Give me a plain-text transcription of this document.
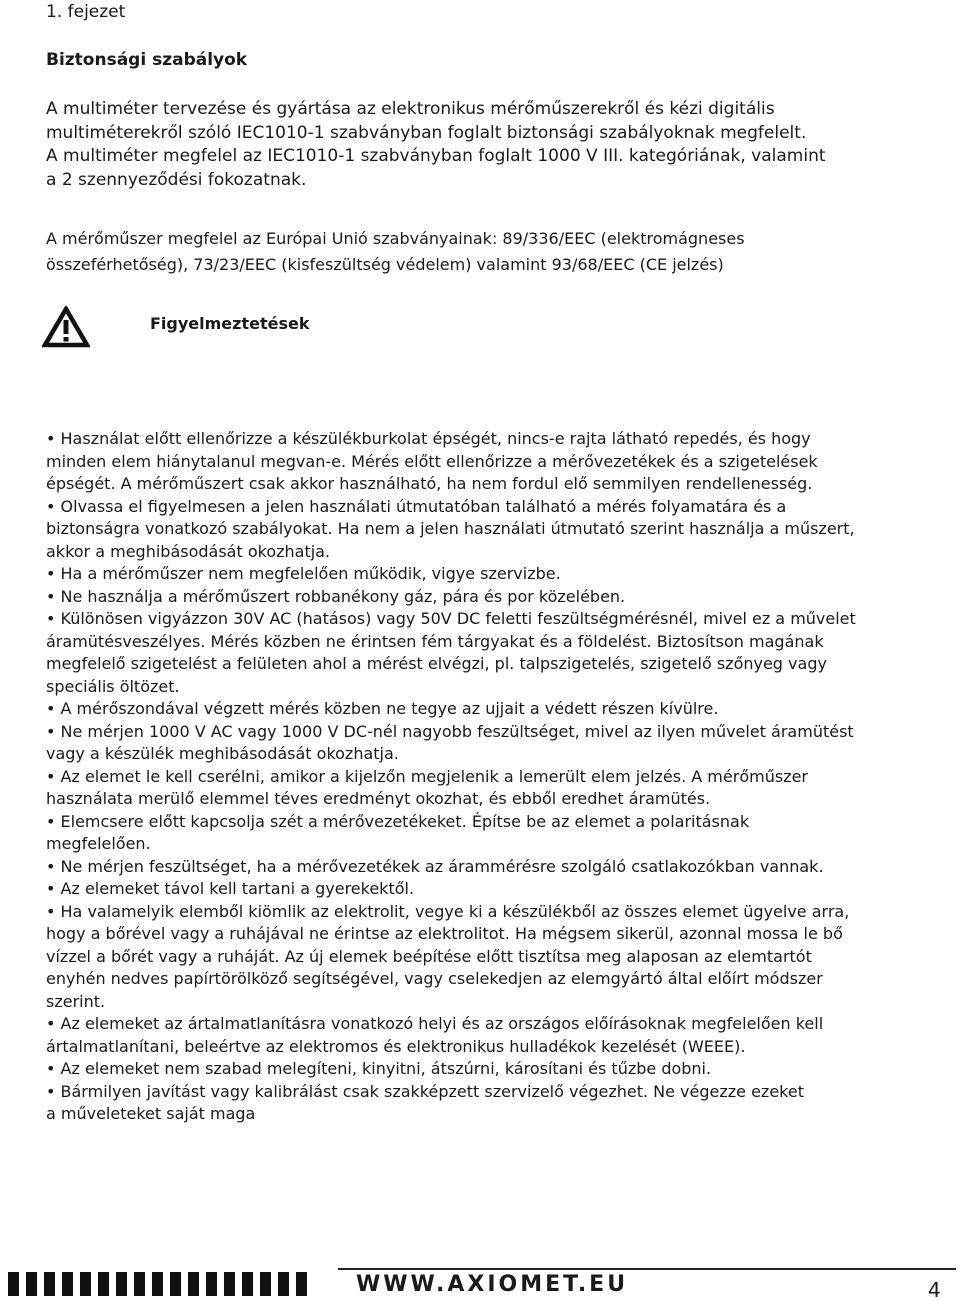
1. fejezet
Biztonsági szabályok
A multiméter tervezése és gyártása az elektronikus mérőműszerekről és kézi digitális
multiméterekről szóló IEC1010-1 szabványban foglalt biztonsági szabályoknak megfelelt.
A multiméter megfelel az IEC1010-1 szabványban foglalt 1000 V III. kategóriának, valamint
a 2 szennyeződési fokozatnak.
A mérőműszer megfelel az Európai Unió szabványainak: 89/336/EEC (elektromágneses
összeférhetőség), 73/23/EEC (kisfeszültség védelem) valamint 93/68/EEC (CE jelzés)
Figyelmeztetések
• Használat előtt ellenőrizze a készülékburkolat épségét, nincs-e rajta látható repedés, és hogy
minden elem hiánytalanul megvan-e. Mérés előtt ellenőrizze a mérővezetékek és a szigetelések
épségét. A mérőműszert csak akkor használható, ha nem fordul elő semmilyen rendellenesség.
• Olvassa el figyelmesen a jelen használati útmutatóban található a mérés folyamatára és a
biztonságra vonatkozó szabályokat. Ha nem a jelen használati útmutató szerint használja a műszert,
akkor a meghibásodását okozhatja.
• Ha a mérőműszer nem megfelelően működik, vigye szervizbe.
• Ne használja a mérőműszert robbanékony gáz, pára és por közelében.
• Különösen vigyázzon 30V AC (hatásos) vagy 50V DC feletti feszültségmérésnél, mivel ez a művelet
áramütésveszélyes. Mérés közben ne érintsen fém tárgyakat és a földelést. Biztosítson magának
megfelelő szigetelést a felületen ahol a mérést elvégzi, pl. talpszigetelés, szigetelő szőnyeg vagy
speciális öltözet.
• A mérőszondával végzett mérés közben ne tegye az ujjait a védett részen kívülre.
• Ne mérjen 1000 V AC vagy 1000 V DC-nél nagyobb feszültséget, mivel az ilyen művelet áramütést
vagy a készülék meghibásodását okozhatja.
• Az elemet le kell cserélni, amikor a kijelzőn megjelenik a lemerült elem jelzés. A mérőműszer
használata merülő elemmel téves eredményt okozhat, és ebből eredhet áramütés.
• Elemcsere előtt kapcsolja szét a mérővezetékeket. Építse be az elemet a polaritásnak
megfelelően.
• Ne mérjen feszültséget, ha a mérővezetékek az árammérésre szolgáló csatlakozókban vannak.
• Az elemeket távol kell tartani a gyerekektől.
• Ha valamelyik elemből kiömlik az elektrolit, vegye ki a készülékből az összes elemet ügyelve arra,
hogy a bőrével vagy a ruhájával ne érintse az elektrolitot. Ha mégsem sikerül, azonnal mossa le bő
vízzel a bőrét vagy a ruháját. Az új elemek beépítése előtt tisztítsa meg alaposan az elemtartót
enyhén nedves papírtörölköző segítségével, vagy cselekedjen az elemgyártó által előírt módszer
szerint.
• Az elemeket az ártalmatlanításra vonatkozó helyi és az országos előírásoknak megfelelően kell
ártalmatlanítani, beleértve az elektromos és elektronikus hulladékok kezelését (WEEE).
• Az elemeket nem szabad melegíteni, kinyitni, átszúrni, károsítani és tűzbe dobni.
• Bármilyen javítást vagy kalibrálást csak szakképzett szervizelő végezhet. Ne végezze ezeket
a műveleteket saját maga
WWW.AXIOMET.EU	4
